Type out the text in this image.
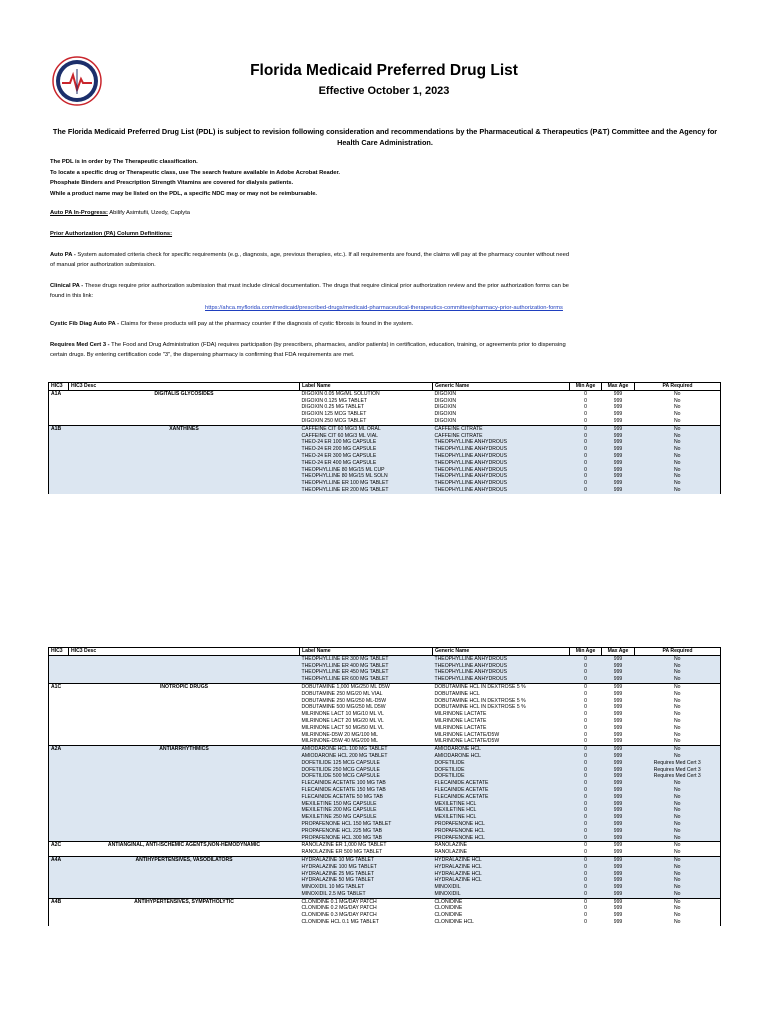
Florida Medicaid Preferred Drug List
Effective October 1, 2023
The Florida Medicaid Preferred Drug List (PDL) is subject to revision following consideration and recommendations by the Pharmaceutical & Therapeutics (P&T) Committee and the Agency for Health Care Administration.
The PDL is in order by The Therapeutic classification.
To locate a specific drug or Therapeutic class, use The search feature available in Adobe Acrobat Reader.
Phosphate Binders and Prescription Strength Vitamins are covered for dialysis patients.
While a product name may be listed on the PDL, a specific NDC may or may not be reimbursable.
Auto PA In-Progress: Abilify Asimtufii, Uzedy, Caplyta
Prior Authorization (PA) Column Definitions:
Auto PA - System automated criteria check for specific requirements (e.g., diagnosis, age, previous therapies, etc.). If all requirements are found, the claims will pay at the pharmacy counter without need of manual prior authorization submission.
Clinical PA - These drugs require prior authorization submission that must include clinical documentation. The drugs that require clinical prior authorization review and the prior authorization forms can be found in this link:
https://ahca.myflorida.com/medicaid/prescribed-drugs/medicaid-pharmaceutical-therapeutics-committee/pharmacy-prior-authorization-forms
Cystic Fib Diag Auto PA - Claims for these products will pay at the pharmacy counter if the diagnosis of cystic fibrosis is found in the system.
Requires Med Cert 3 - The Food and Drug Administration (FDA) requires participation (by prescribers, pharmacies, and/or patients) in certification, education, training, or agreements prior to dispensing certain drugs. By entering certification code "3", the dispensing pharmacy is confirming that FDA requirements are met.
HIC3	HIC3 Desc	Label Name	Generic Name	Min Age	Max Age	PA Required
A1A	DIGITALIS GLYCOSIDES	DIGOXIN 0.05 MG/ML SOLUTION	DIGOXIN	0	999	No
		DIGOXIN 0.125 MG TABLET	DIGOXIN	0	999	No
		DIGOXIN 0.25 MG TABLET	DIGOXIN	0	999	No
		DIGOXIN 125 MCG TABLET	DIGOXIN	0	999	No
		DIGOXIN 250 MCG TABLET	DIGOXIN	0	999	No
A1B	XANTHINES	CAFFEINE CIT 60 MG/3 ML ORAL	CAFFEINE CITRATE	0	999	No
		CAFFEINE CIT 60 MG/3 ML VIAL	CAFFEINE CITRATE	0	999	No
		THEO-24 ER 100 MG CAPSULE	THEOPHYLLINE ANHYDROUS	0	999	No
		THEO-24 ER 200 MG CAPSULE	THEOPHYLLINE ANHYDROUS	0	999	No
		THEO-24 ER 300 MG CAPSULE	THEOPHYLLINE ANHYDROUS	0	999	No
		THEO-24 ER 400 MG CAPSULE	THEOPHYLLINE ANHYDROUS	0	999	No
		THEOPHYLLINE 80 MG/15 ML CUP	THEOPHYLLINE ANHYDROUS	0	999	No
		THEOPHYLLINE 80 MG/15 ML SOLN	THEOPHYLLINE ANHYDROUS	0	999	No
		THEOPHYLLINE ER 100 MG TABLET	THEOPHYLLINE ANHYDROUS	0	999	No
		THEOPHYLLINE ER 200 MG TABLET	THEOPHYLLINE ANHYDROUS	0	999	No
HIC3	HIC3 Desc	Label Name	Generic Name	Min Age	Max Age	PA Required
		THEOPHYLLINE ER 300 MG TABLET	THEOPHYLLINE ANHYDROUS	0	999	No
		THEOPHYLLINE ER 400 MG TABLET	THEOPHYLLINE ANHYDROUS	0	999	No
		THEOPHYLLINE ER 450 MG TABLET	THEOPHYLLINE ANHYDROUS	0	999	No
		THEOPHYLLINE ER 600 MG TABLET	THEOPHYLLINE ANHYDROUS	0	999	No
A1C	INOTROPIC DRUGS	DOBUTAMINE 1,000 MG/250 ML D5W	DOBUTAMINE HCL IN DEXTROSE 5 %	0	999	No
		DOBUTAMINE 250 MG/20 ML VIAL	DOBUTAMINE HCL	0	999	No
		DOBUTAMINE 250 MG/250 ML-D5W	DOBUTAMINE HCL IN DEXTROSE 5 %	0	999	No
		DOBUTAMINE 500 MG/250 ML D5W	DOBUTAMINE HCL IN DEXTROSE 5 %	0	999	No
		MILRINONE LACT 10 MG/10 ML VL	MILRINONE LACTATE	0	999	No
		MILRINONE LACT 20 MG/20 ML VL	MILRINONE LACTATE	0	999	No
		MILRINONE LACT 50 MG/50 ML VL	MILRINONE LACTATE	0	999	No
		MILRINONE-D5W 20 MG/100 ML	MILRINONE LACTATE/D5W	0	999	No
		MILRINONE-D5W 40 MG/200 ML	MILRINONE LACTATE/D5W	0	999	No
A2A	ANTIARRHYTHMICS	AMIODARONE HCL 100 MG TABLET	AMIODARONE HCL	0	999	No
		AMIODARONE HCL 200 MG TABLET	AMIODARONE HCL	0	999	No
		DOFETILIDE 125 MCG CAPSULE	DOFETILIDE	0	999	Requires Med Cert 3
		DOFETILIDE 250 MCG CAPSULE	DOFETILIDE	0	999	Requires Med Cert 3
		DOFETILIDE 500 MCG CAPSULE	DOFETILIDE	0	999	Requires Med Cert 3
		FLECAINIDE ACETATE 100 MG TAB	FLECAINIDE ACETATE	0	999	No
		FLECAINIDE ACETATE 150 MG TAB	FLECAINIDE ACETATE	0	999	No
		FLECAINIDE ACETATE 50 MG TAB	FLECAINIDE ACETATE	0	999	No
		MEXILETINE 150 MG CAPSULE	MEXILETINE HCL	0	999	No
		MEXILETINE 200 MG CAPSULE	MEXILETINE HCL	0	999	No
		MEXILETINE 250 MG CAPSULE	MEXILETINE HCL	0	999	No
		PROPAFENONE HCL 150 MG TABLET	PROPAFENONE HCL	0	999	No
		PROPAFENONE HCL 225 MG TAB	PROPAFENONE HCL	0	999	No
		PROPAFENONE HCL 300 MG TAB	PROPAFENONE HCL	0	999	No
A2C	ANTIANGINAL, ANTI-ISCHEMIC AGENTS,NON-HEMODYNAMIC	RANOLAZINE ER 1,000 MG TABLET	RANOLAZINE	0	999	No
		RANOLAZINE ER 500 MG TABLET	RANOLAZINE	0	999	No
A4A	ANTIHYPERTENSIVES, VASODILATORS	HYDRALAZINE 10 MG TABLET	HYDRALAZINE HCL	0	999	No
		HYDRALAZINE 100 MG TABLET	HYDRALAZINE HCL	0	999	No
		HYDRALAZINE 25 MG TABLET	HYDRALAZINE HCL	0	999	No
		HYDRALAZINE 50 MG TABLET	HYDRALAZINE HCL	0	999	No
		MINOXIDIL 10 MG TABLET	MINOXIDIL	0	999	No
		MINOXIDIL 2.5 MG TABLET	MINOXIDIL	0	999	No
A4B	ANTIHYPERTENSIVES, SYMPATHOLYTIC	CLONIDINE 0.1 MG/DAY PATCH	CLONIDINE	0	999	No
		CLONIDINE 0.2 MG/DAY PATCH	CLONIDINE	0	999	No
		CLONIDINE 0.3 MG/DAY PATCH	CLONIDINE	0	999	No
		CLONIDINE HCL 0.1 MG TABLET	CLONIDINE HCL	0	999	No
